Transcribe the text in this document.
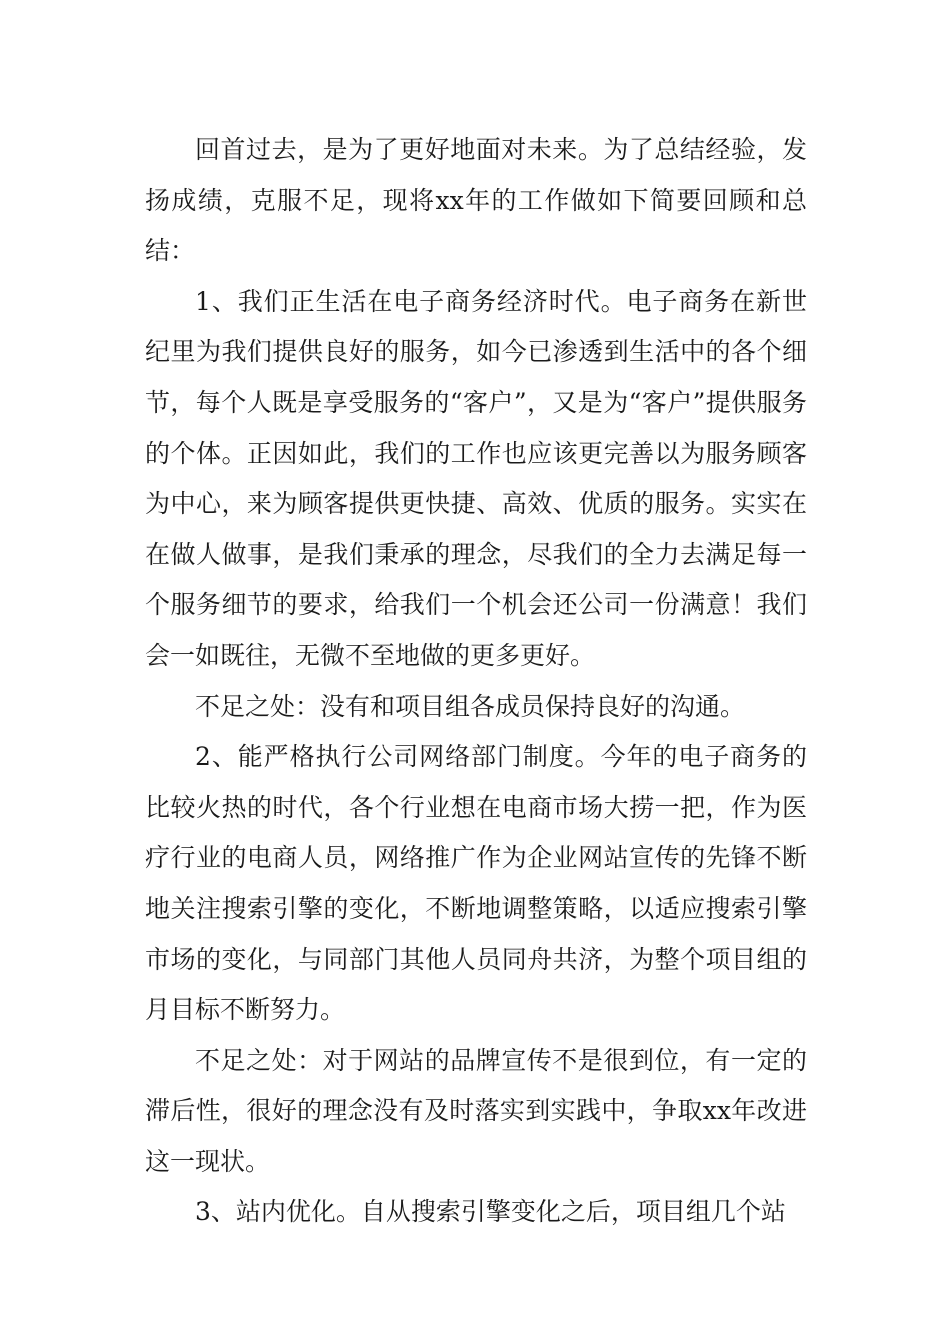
回首过去，是为了更好地面对未来。为了总结经验，发扬成绩，克服不足，现将xx年的工作做如下简要回顾和总结：

1、我们正生活在电子商务经济时代。电子商务在新世纪里为我们提供良好的服务，如今已渗透到生活中的各个细节，每个人既是享受服务的“客户”，又是为“客户”提供服务的个体。正因如此，我们的工作也应该更完善以为服务顾客为中心，来为顾客提供更快捷、高效、优质的服务。实实在在做人做事，是我们秉承的理念，尽我们的全力去满足每一个服务细节的要求，给我们一个机会还公司一份满意！我们会一如既往，无微不至地做的更多更好。

不足之处：没有和项目组各成员保持良好的沟通。

2、能严格执行公司网络部门制度。今年的电子商务的比较火热的时代，各个行业想在电商市场大捞一把，作为医疗行业的电商人员，网络推广作为企业网站宣传的先锋不断地关注搜索引擎的变化，不断地调整策略，以适应搜索引擎市场的变化，与同部门其他人员同舟共济，为整个项目组的月目标不断努力。

不足之处：对于网站的品牌宣传不是很到位，有一定的滞后性，很好的理念没有及时落实到实践中，争取xx年改进这一现状。

3、站内优化。自从搜索引擎变化之后，项目组几个站
